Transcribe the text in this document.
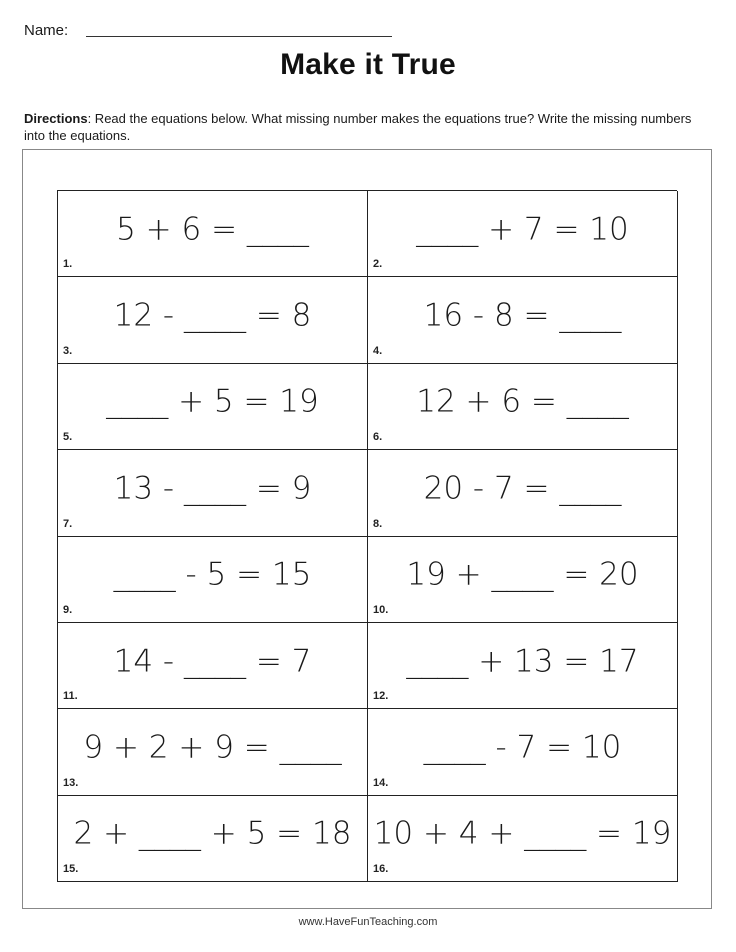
Name:
Make it True
Directions: Read the equations below. What missing number makes the equations true? Write the missing numbers into the equations.
5 + 6 = ____
1.
____ + 7 = 10
2.
12 - ____ = 8
3.
16 - 8 = ____
4.
____ + 5 = 19
5.
12 + 6 = ____
6.
13 - ____ = 9
7.
20 - 7 = ____
8.
____ - 5 = 15
9.
19 + ____ = 20
10.
14 - ____ = 7
11.
____ + 13 = 17
12.
9 + 2 + 9 = ____
13.
____ - 7 = 10
14.
2 + ____ + 5 = 18
15.
10 + 4 + ____ = 19
16.
www.HaveFunTeaching.com
